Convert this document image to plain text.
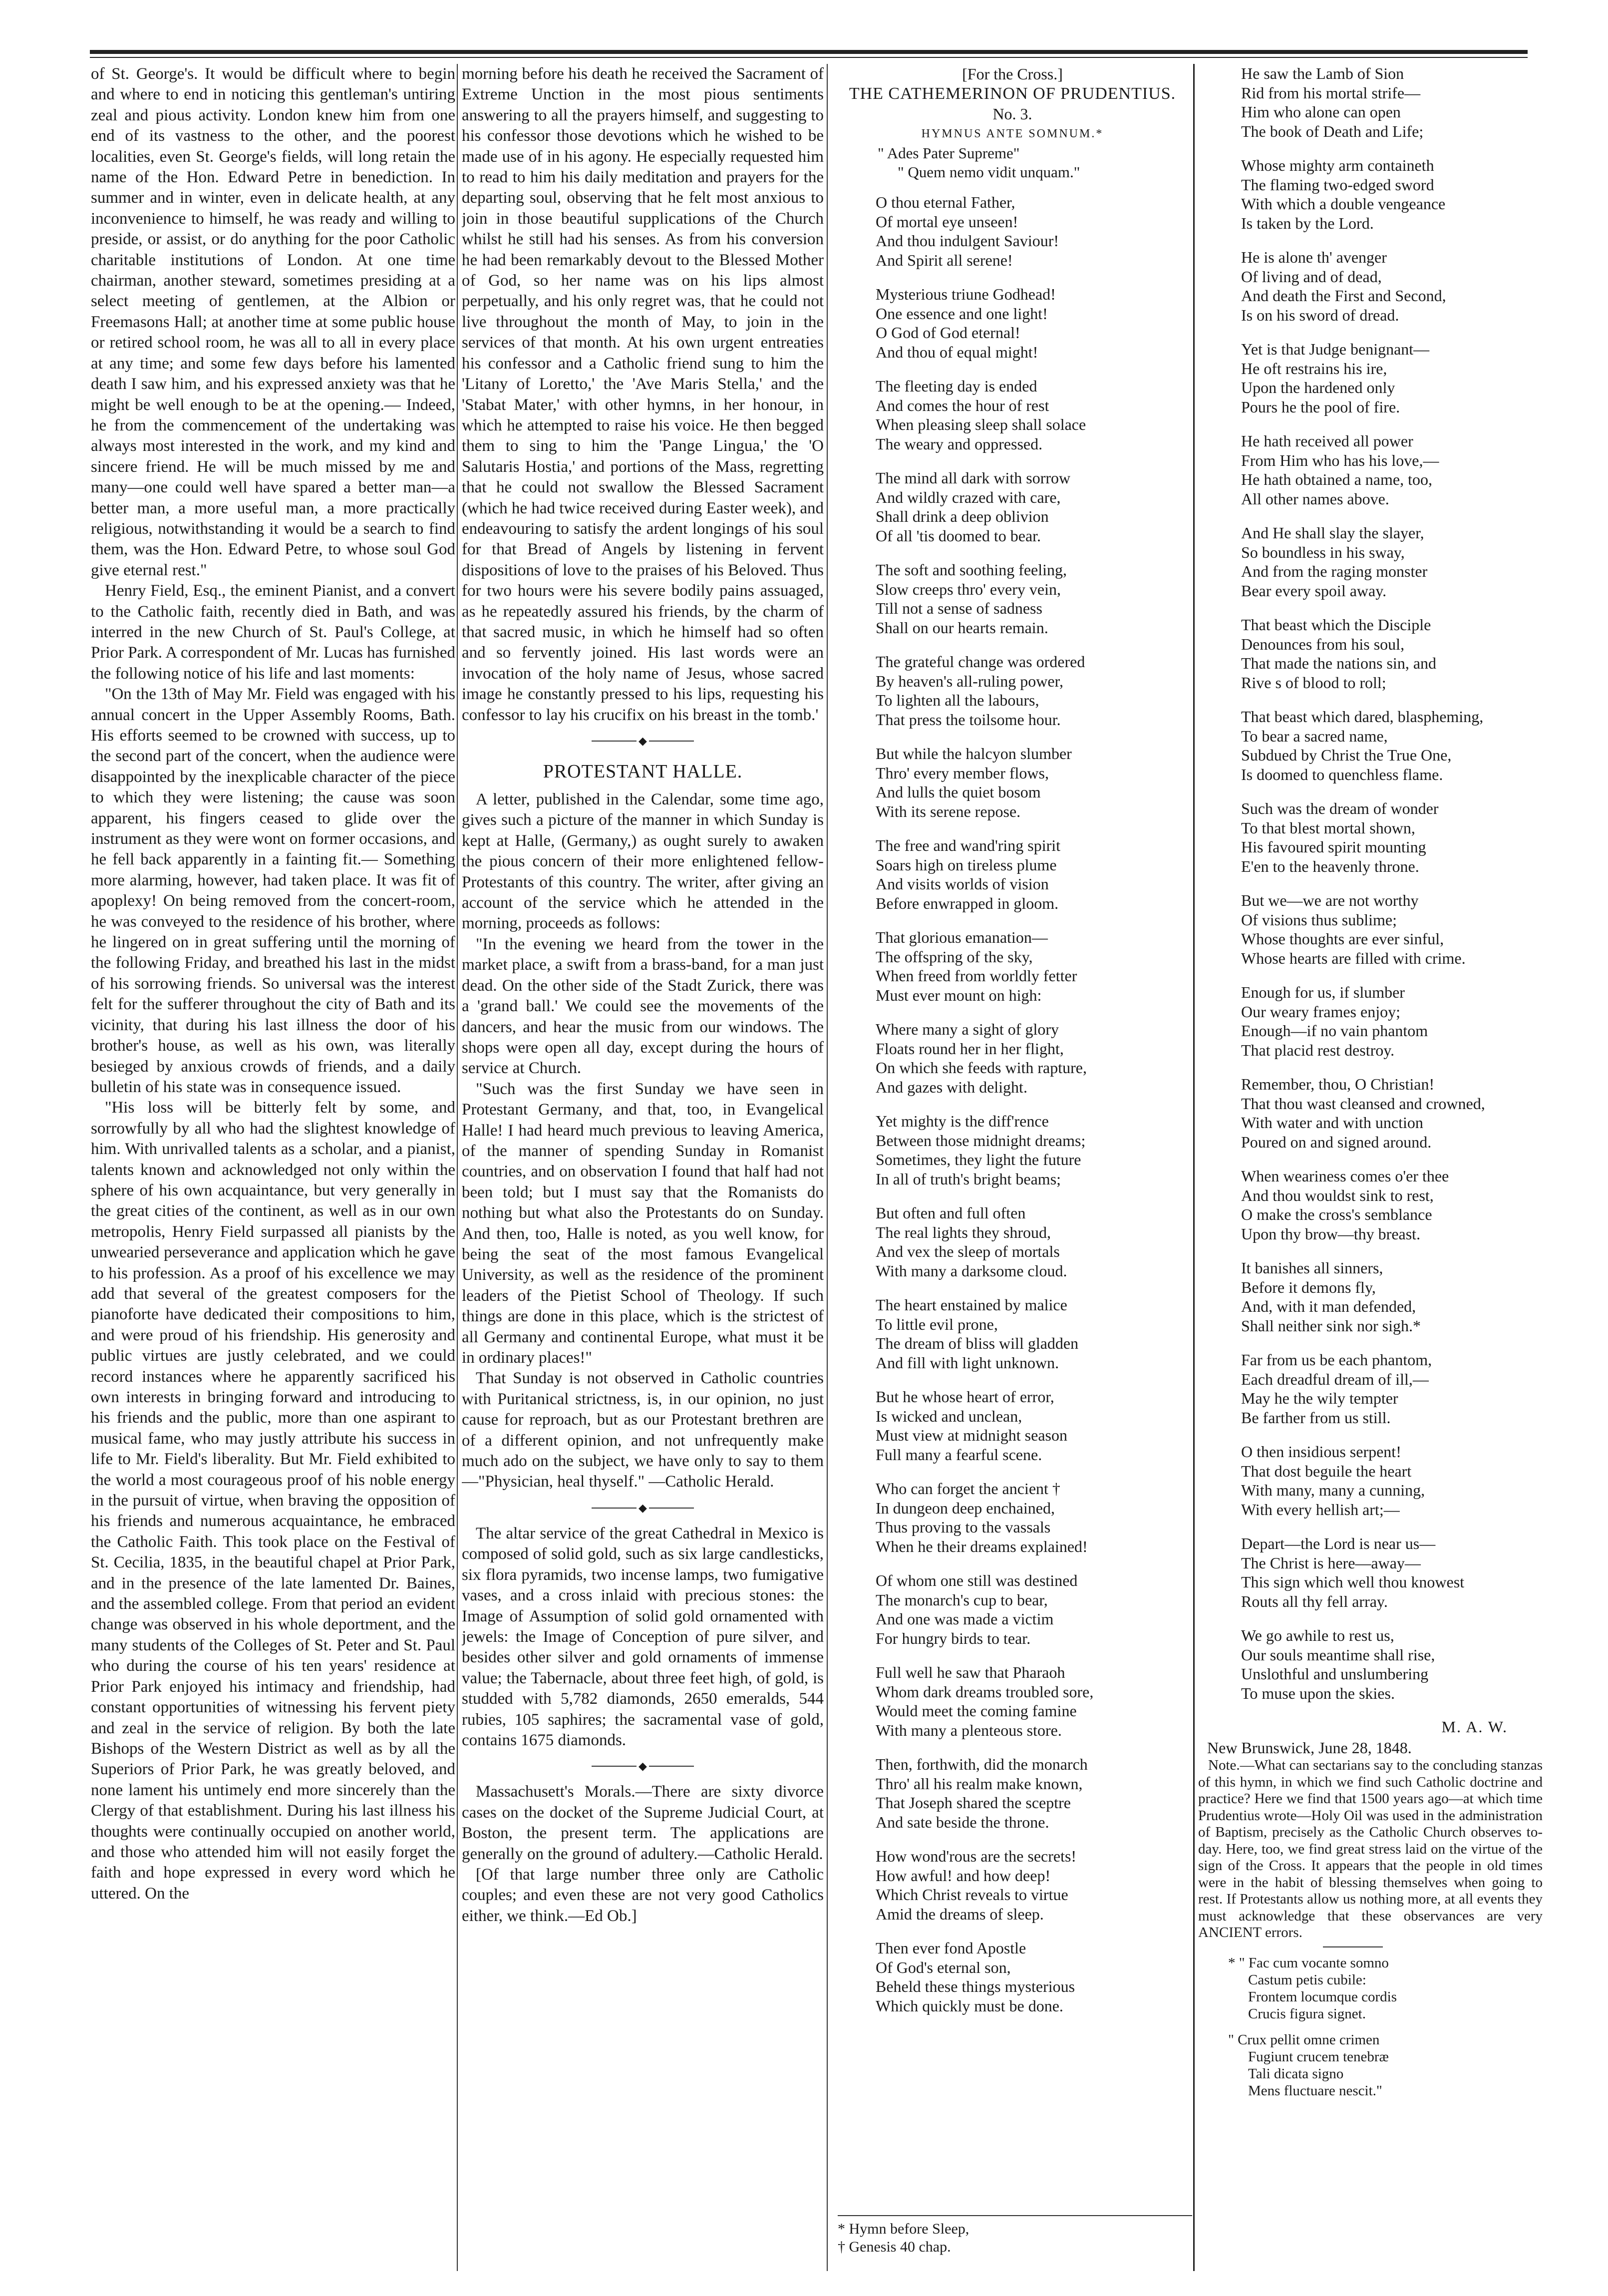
of St. George's. It would be difficult where to begin and where to end in noticing this gentleman's untiring zeal and pious activity. London knew him from one end of its vastness to the other, and the poorest localities, even St. George's fields, will long retain the name of the Hon. Edward Petre in benediction. In summer and in winter, even in delicate health, at any inconvenience to himself, he was ready and willing to preside, or assist, or do anything for the poor Catholic charitable institutions of London. At one time chairman, another steward, sometimes presiding at a select meeting of gentlemen, at the Albion or Freemasons Hall; at another time at some public house or retired school room, he was all to all in every place at any time; and some few days before his lamented death I saw him, and his expressed anxiety was that he might be well enough to be at the opening.— Indeed, he from the commencement of the undertaking was always most interested in the work, and my kind and sincere friend. He will be much missed by me and many—one could well have spared a better man—a better man, a more useful man, a more practically religious, notwithstanding it would be a search to find them, was the Hon. Edward Petre, to whose soul God give eternal rest."

Henry Field, Esq., the eminent Pianist, and a convert to the Catholic faith, recently died in Bath, and was interred in the new Church of St. Paul's College, at Prior Park. A correspondent of Mr. Lucas has furnished the following notice of his life and last moments:

"On the 13th of May Mr. Field was engaged with his annual concert in the Upper Assembly Rooms, Bath. His efforts seemed to be crowned with success, up to the second part of the concert, when the audience were disappointed by the inexplicable character of the piece to which they were listening; the cause was soon apparent, his fingers ceased to glide over the instrument as they were wont on former occasions, and he fell back apparently in a fainting fit.— Something more alarming, however, had taken place. It was fit of apoplexy! On being removed from the concert-room, he was conveyed to the residence of his brother, where he lingered on in great suffering until the morning of the following Friday, and breathed his last in the midst of his sorrowing friends. So universal was the interest felt for the sufferer throughout the city of Bath and its vicinity, that during his last illness the door of his brother's house, as well as his own, was literally besieged by anxious crowds of friends, and a daily bulletin of his state was in consequence issued.

"His loss will be bitterly felt by some, and sorrowfully by all who had the slightest knowledge of him. With unrivalled talents as a scholar, and a pianist, talents known and acknowledged not only within the sphere of his own acquaintance, but very generally in the great cities of the continent, as well as in our own metropolis, Henry Field surpassed all pianists by the unwearied perseverance and application which he gave to his profession. As a proof of his excellence we may add that several of the greatest composers for the pianoforte have dedicated their compositions to him, and were proud of his friendship. His generosity and public virtues are justly celebrated, and we could record instances where he apparently sacrificed his own interests in bringing forward and introducing to his friends and the public, more than one aspirant to musical fame, who may justly attribute his success in life to Mr. Field's liberality. But Mr. Field exhibited to the world a most courageous proof of his noble energy in the pursuit of virtue, when braving the opposition of his friends and numerous acquaintance, he embraced the Catholic Faith. This took place on the Festival of St. Cecilia, 1835, in the beautiful chapel at Prior Park, and in the presence of the late lamented Dr. Baines, and the assembled college. From that period an evident change was observed in his whole deportment, and the many students of the Colleges of St. Peter and St. Paul who during the course of his ten years' residence at Prior Park enjoyed his intimacy and friendship, had constant opportunities of witnessing his fervent piety and zeal in the service of religion. By both the late Bishops of the Western District as well as by all the Superiors of Prior Park, he was greatly beloved, and none lament his untimely end more sincerely than the Clergy of that establishment. During his last illness his thoughts were continually occupied on another world, and those who attended him will not easily forget the faith and hope expressed in every word which he uttered. On the

morning before his death he received the Sacrament of Extreme Unction in the most pious sentiments answering to all the prayers himself, and suggesting to his confessor those devotions which he wished to be made use of in his agony. He especially requested him to read to him his daily meditation and prayers for the departing soul, observing that he felt most anxious to join in those beautiful supplications of the Church whilst he still had his senses. As from his conversion he had been remarkably devout to the Blessed Mother of God, so her name was on his lips almost perpetually, and his only regret was, that he could not live throughout the month of May, to join in the services of that month. At his own urgent entreaties his confessor and a Catholic friend sung to him the 'Litany of Loretto,' the 'Ave Maris Stella,' and the 'Stabat Mater,' with other hymns, in her honour, in which he attempted to raise his voice. He then begged them to sing to him the 'Pange Lingua,' the 'O Salutaris Hostia,' and portions of the Mass, regretting that he could not swallow the Blessed Sacrament (which he had twice received during Easter week), and endeavouring to satisfy the ardent longings of his soul for that Bread of Angels by listening in fervent dispositions of love to the praises of his Beloved. Thus for two hours were his severe bodily pains assuaged, as he repeatedly assured his friends, by the charm of that sacred music, in which he himself had so often and so fervently joined. His last words were an invocation of the holy name of Jesus, whose sacred image he constantly pressed to his lips, requesting his confessor to lay his crucifix on his breast in the tomb.'

◆
PROTESTANT HALLE.

A letter, published in the Calendar, some time ago, gives such a picture of the manner in which Sunday is kept at Halle, (Germany,) as ought surely to awaken the pious concern of their more enlightened fellow-Protestants of this country. The writer, after giving an account of the service which he attended in the morning, proceeds as follows:

"In the evening we heard from the tower in the market place, a swift from a brass-band, for a man just dead. On the other side of the Stadt Zurick, there was a 'grand ball.' We could see the movements of the dancers, and hear the music from our windows. The shops were open all day, except during the hours of service at Church.

"Such was the first Sunday we have seen in Protestant Germany, and that, too, in Evangelical Halle! I had heard much previous to leaving America, of the manner of spending Sunday in Romanist countries, and on observation I found that half had not been told; but I must say that the Romanists do nothing but what also the Protestants do on Sunday. And then, too, Halle is noted, as you well know, for being the seat of the most famous Evangelical University, as well as the residence of the prominent leaders of the Pietist School of Theology. If such things are done in this place, which is the strictest of all Germany and continental Europe, what must it be in ordinary places!"

That Sunday is not observed in Catholic countries with Puritanical strictness, is, in our opinion, no just cause for reproach, but as our Protestant brethren are of a different opinion, and not unfrequently make much ado on the subject, we have only to say to them—"Physician, heal thyself." —Catholic Herald.

◆

The altar service of the great Cathedral in Mexico is composed of solid gold, such as six large candlesticks, six flora pyramids, two incense lamps, two fumigative vases, and a cross inlaid with precious stones: the Image of Assumption of solid gold ornamented with jewels: the Image of Conception of pure silver, and besides other silver and gold ornaments of immense value; the Tabernacle, about three feet high, of gold, is studded with 5,782 diamonds, 2650 emeralds, 544 rubies, 105 saphires; the sacramental vase of gold, contains 1675 diamonds.

◆

Massachusett's Morals.—There are sixty divorce cases on the docket of the Supreme Judicial Court, at Boston, the present term. The applications are generally on the ground of adultery.—Catholic Herald.

[Of that large number three only are Catholic couples; and even these are not very good Catholics either, we think.—Ed Ob.]

[For the Cross.]
THE CATHEMERINON OF PRUDENTIUS.
No. 3.
HYMNUS ANTE SOMNUM.*
" Ades Pater Supreme"
" Quem nemo vidit unquam."
O thou eternal Father,
Of mortal eye unseen!
And thou indulgent Saviour!
And Spirit all serene!
Mysterious triune Godhead!
One essence and one light!
O God of God eternal!
And thou of equal might!
The fleeting day is ended
And comes the hour of rest
When pleasing sleep shall solace
The weary and oppressed.
The mind all dark with sorrow
And wildly crazed with care,
Shall drink a deep oblivion
Of all 'tis doomed to bear.
The soft and soothing feeling,
Slow creeps thro' every vein,
Till not a sense of sadness
Shall on our hearts remain.
The grateful change was ordered
By heaven's all-ruling power,
To lighten all the labours,
That press the toilsome hour.
But while the halcyon slumber
Thro' every member flows,
And lulls the quiet bosom
With its serene repose.
The free and wand'ring spirit
Soars high on tireless plume
And visits worlds of vision
Before enwrapped in gloom.
That glorious emanation—
The offspring of the sky,
When freed from worldly fetter
Must ever mount on high:
Where many a sight of glory
Floats round her in her flight,
On which she feeds with rapture,
And gazes with delight.
Yet mighty is the diff'rence
Between those midnight dreams;
Sometimes, they light the future
In all of truth's bright beams;
But often and full often
The real lights they shroud,
And vex the sleep of mortals
With many a darksome cloud.
The heart enstained by malice
To little evil prone,
The dream of bliss will gladden
And fill with light unknown.
But he whose heart of error,
Is wicked and unclean,
Must view at midnight season
Full many a fearful scene.
Who can forget the ancient †
In dungeon deep enchained,
Thus proving to the vassals
When he their dreams explained!
Of whom one still was destined
The monarch's cup to bear,
And one was made a victim
For hungry birds to tear.
Full well he saw that Pharaoh
Whom dark dreams troubled sore,
Would meet the coming famine
With many a plenteous store.
Then, forthwith, did the monarch
Thro' all his realm make known,
That Joseph shared the sceptre
And sate beside the throne.
How wond'rous are the secrets!
How awful! and how deep!
Which Christ reveals to virtue
Amid the dreams of sleep.
Then ever fond Apostle
Of God's eternal son,
Beheld these things mysterious
Which quickly must be done.
* Hymn before Sleep,
† Genesis 40 chap.
He saw the Lamb of Sion
Rid from his mortal strife—
Him who alone can open
The book of Death and Life;
Whose mighty arm containeth
The flaming two-edged sword
With which a double vengeance
Is taken by the Lord.
He is alone th' avenger
Of living and of dead,
And death the First and Second,
Is on his sword of dread.
Yet is that Judge benignant—
He oft restrains his ire,
Upon the hardened only
Pours he the pool of fire.
He hath received all power
From Him who has his love,—
He hath obtained a name, too,
All other names above.
And He shall slay the slayer,
So boundless in his sway,
And from the raging monster
Bear every spoil away.
That beast which the Disciple
Denounces from his soul,
That made the nations sin, and
Rive s of blood to roll;
That beast which dared, blaspheming,
To bear a sacred name,
Subdued by Christ the True One,
Is doomed to quenchless flame.
Such was the dream of wonder
To that blest mortal shown,
His favoured spirit mounting
E'en to the heavenly throne.
But we—we are not worthy
Of visions thus sublime;
Whose thoughts are ever sinful,
Whose hearts are filled with crime.
Enough for us, if slumber
Our weary frames enjoy;
Enough—if no vain phantom
That placid rest destroy.
Remember, thou, O Christian!
That thou wast cleansed and crowned,
With water and with unction
Poured on and signed around.
When weariness comes o'er thee
And thou wouldst sink to rest,
O make the cross's semblance
Upon thy brow—thy breast.
It banishes all sinners,
Before it demons fly,
And, with it man defended,
Shall neither sink nor sigh.*
Far from us be each phantom,
Each dreadful dream of ill,—
May he the wily tempter
Be farther from us still.
O then insidious serpent!
That dost beguile the heart
With many, many a cunning,
With every hellish art;—
Depart—the Lord is near us—
The Christ is here—away—
This sign which well thou knowest
Routs all thy fell array.
We go awhile to rest us,
Our souls meantime shall rise,
Unslothful and unslumbering
To muse upon the skies.
M. A. W.
New Brunswick, June 28, 1848.

Note.—What can sectarians say to the concluding stanzas of this hymn, in which we find such Catholic doctrine and practice? Here we find that 1500 years ago—at which time Prudentius wrote—Holy Oil was used in the administration of Baptism, precisely as the Catholic Church observes to-day. Here, too, we find great stress laid on the virtue of the sign of the Cross. It appears that the people in old times were in the habit of blessing themselves when going to rest. If Protestants allow us nothing more, at all events they must acknowledge that these observances are very ANCIENT errors.

* " Fac cum vocante somno
Castum petis cubile:
Frontem locumque cordis
Crucis figura signet.
" Crux pellit omne crimen
Fugiunt crucem tenebræ
Tali dicata signo
Mens fluctuare nescit."
